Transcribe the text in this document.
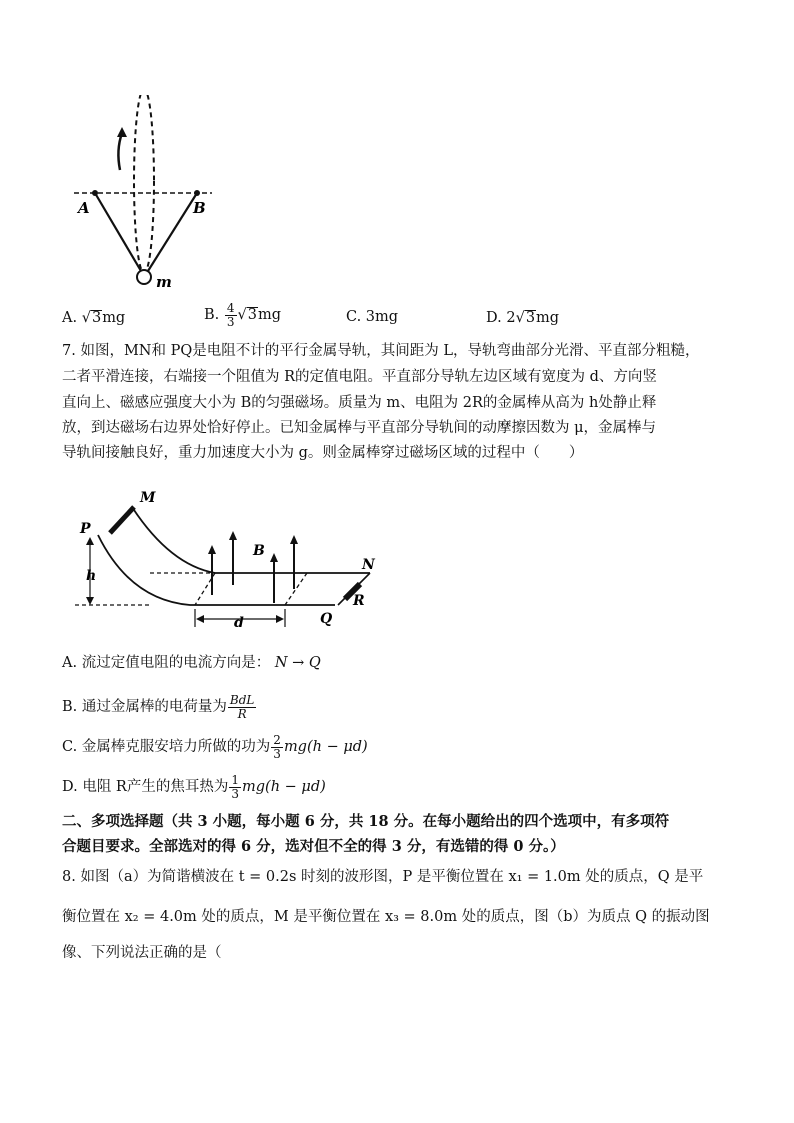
A	B
m
A. √3mg	B. $\frac{4}{3} √3mg$	C. 3mg	D. 2√3mg
7. 如图，MN和 PQ是电阻不计的平行金属导轨，其间距为 L，导轨弯曲部分光滑、平直部分粗糙，
二者平滑连接，右端接一个阻值为 R的定值电阻。平直部分导轨左边区域有宽度为 d、方向竖
直向上、磁感应强度大小为 B的匀强磁场。质量为 m、电阻为 2R的金属棒从高为 h处静止释
放，到达磁场右边界处恰好停止。已知金属棒与平直部分导轨间的动摩擦因数为 μ，金属棒与
导轨间接触良好，重力加速度大小为 g。则金属棒穿过磁场区域的过程中（　　）
M
P
h
B
N
R
Q
d
A. 流过定值电阻的电流方向是： N → Q
B. 通过金属棒的电荷量为 $\frac{\text{BdL}}{R}$
C. 金属棒克服安培力所做的功为 $\frac{2}{3} mg(h - \mu d)$
D. 电阻 R产生的焦耳热为 $\frac{1}{3} mg(h - \mu d)$
二、多项选择题（共 3 小题，每小题 6 分，共 18 分。在每小题给出的四个选项中，有多项符
合题目要求。全部选对的得 6 分，选对但不全的得 3 分，有选错的得 0 分。）
8. 如图（a）为简谐横波在 t = 0.2s 时刻的波形图，P 是平衡位置在 x₁ = 1.0m 处的质点，Q 是平
衡位置在 x₂ = 4.0m 处的质点，M 是平衡位置在 x₃ = 8.0m 处的质点，图（b）为质点 Q 的振动图
像、下列说法正确的是（
